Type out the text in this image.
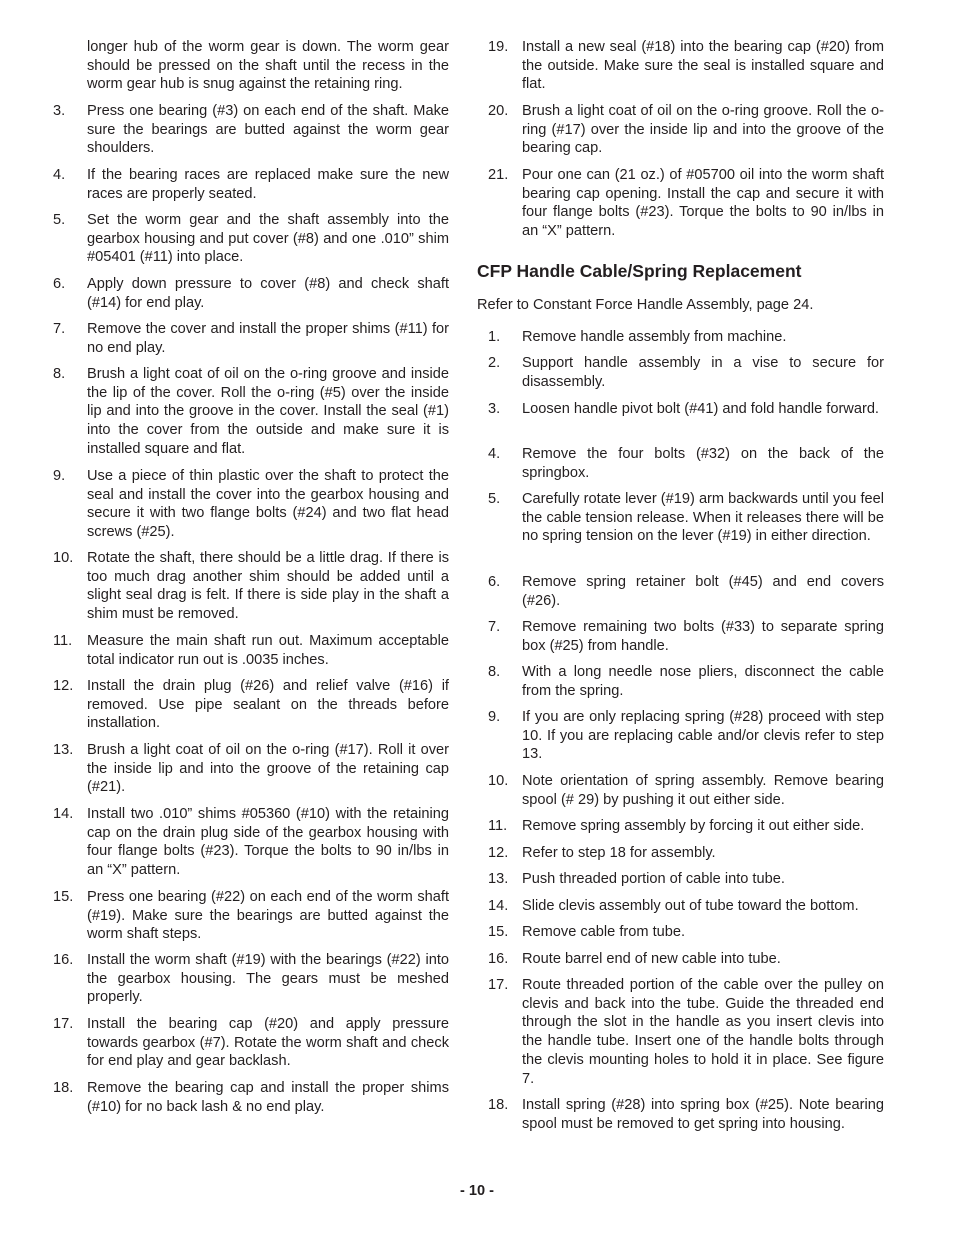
longer hub of the worm gear is down. The worm gear should be pressed on the shaft until the recess in the worm gear hub is snug against the retaining ring.
3. Press one bearing (#3) on each end of the shaft. Make sure the bearings are butted against the worm gear shoulders.
4. If the bearing races are replaced make sure the new races are properly seated.
5. Set the worm gear and the shaft assembly into the gearbox housing and put cover (#8) and one .010” shim #05401 (#11) into place.
6. Apply down pressure to cover (#8) and check shaft (#14) for end play.
7. Remove the cover and install the proper shims (#11) for no end play.
8. Brush a light coat of oil on the o-ring groove and inside the lip of the cover. Roll the o-ring (#5) over the inside lip and into the groove in the cover. Install the seal (#1) into the cover from the outside and make sure it is installed square and flat.
9. Use a piece of thin plastic over the shaft to protect the seal and install the cover into the gearbox housing and secure it with two flange bolts (#24) and two flat head screws (#25).
10. Rotate the shaft, there should be a little drag. If there is too much drag another shim should be added until a slight seal drag is felt. If there is side play in the shaft a shim must be removed.
11. Measure the main shaft run out. Maximum acceptable total indicator run out is .0035 inches.
12. Install the drain plug (#26) and relief valve (#16) if removed. Use pipe sealant on the threads before installation.
13. Brush a light coat of oil on the o-ring (#17). Roll it over the inside lip and into the groove of the retaining cap (#21).
14. Install two .010” shims #05360 (#10) with the retaining cap on the drain plug side of the gearbox housing with four flange bolts (#23). Torque the bolts to 90 in/lbs in an “X” pattern.
15. Press one bearing (#22) on each end of the worm shaft (#19). Make sure the bearings are butted against the worm shaft steps.
16. Install the worm shaft (#19) with the bearings (#22) into the gearbox housing. The gears must be meshed properly.
17. Install the bearing cap (#20) and apply pressure towards gearbox (#7). Rotate the worm shaft and check for end play and gear backlash.
18. Remove the bearing cap and install the proper shims (#10) for no back lash & no end play.
19. Install a new seal (#18) into the bearing cap (#20) from the outside. Make sure the seal is installed square and flat.
20. Brush a light coat of oil on the o-ring groove. Roll the o-ring (#17) over the inside lip and into the groove of the bearing cap.
21. Pour one can (21 oz.) of #05700 oil into the worm shaft bearing cap opening. Install the cap and secure it with four flange bolts (#23). Torque the bolts to 90 in/lbs in an “X” pattern.
1. Remove handle assembly from machine.
2. Support handle assembly in a vise to secure for disassembly.
3. Loosen handle pivot bolt (#41) and fold handle forward.
4. Remove the four bolts (#32) on the back of the springbox.
5. Carefully rotate lever (#19) arm backwards until you feel the cable tension release. When it releases there will be no spring tension on the lever (#19) in either direction.
6. Remove spring retainer bolt (#45) and end covers (#26).
7. Remove remaining two bolts (#33) to separate spring box (#25) from handle.
8. With a long needle nose pliers, disconnect the cable from the spring.
9. If you are only replacing spring (#28) proceed with step 10. If you are replacing cable and/or clevis refer to step 13.
10. Note orientation of spring assembly. Remove bearing spool (# 29) by pushing it out either side.
11. Remove spring assembly by forcing it out either side.
12. Refer to step 18 for assembly.
13. Push threaded portion of cable into tube.
14. Slide clevis assembly out of tube toward the bottom.
15. Remove cable from tube.
16. Route barrel end of new cable into tube.
17. Route threaded portion of the cable over the pulley on clevis and back into the tube. Guide the threaded end through the slot in the handle as you insert clevis into the handle tube. Insert one of the handle bolts through the clevis mounting holes to hold it in place. See figure 7.
18. Install spring (#28) into spring box (#25). Note bearing spool must be removed to get spring into housing.
CFP Handle Cable/Spring Replacement
Refer to Constant Force Handle Assembly, page 24.
- 10 -
